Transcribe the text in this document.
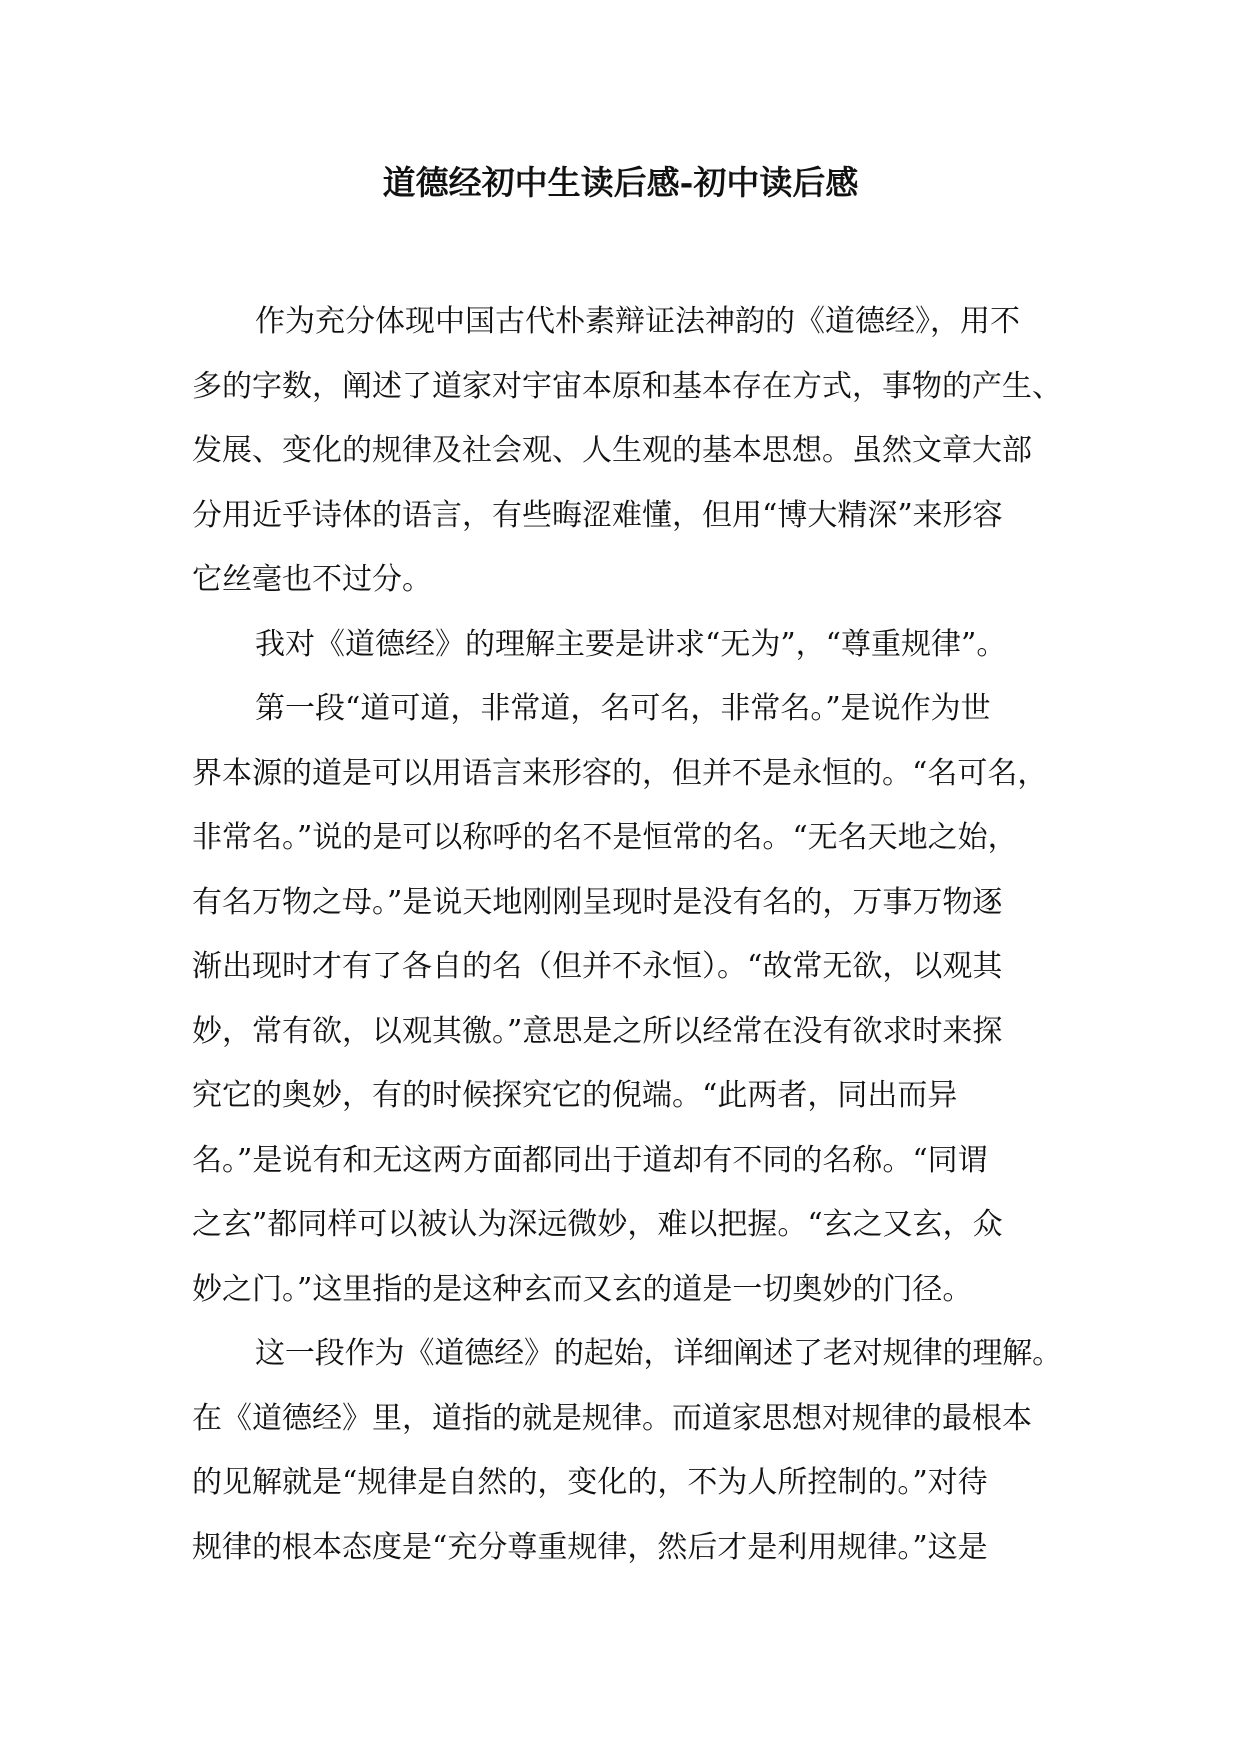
道德经初中生读后感-初中读后感
作为充分体现中国古代朴素辩证法神韵的《道德经》，用不
多的字数，阐述了道家对宇宙本原和基本存在方式，事物的产生、
发展、变化的规律及社会观、人生观的基本思想。虽然文章大部
分用近乎诗体的语言，有些晦涩难懂，但用“博大精深”来形容
它丝毫也不过分。
我对《道德经》的理解主要是讲求“无为”，“尊重规律”。
第一段“道可道，非常道，名可名，非常名。”是说作为世
界本源的道是可以用语言来形容的，但并不是永恒的。“名可名，
非常名。”说的是可以称呼的名不是恒常的名。“无名天地之始，
有名万物之母。”是说天地刚刚呈现时是没有名的，万事万物逐
渐出现时才有了各自的名（但并不永恒）。“故常无欲，以观其
妙，常有欲，以观其徼。”意思是之所以经常在没有欲求时来探
究它的奥妙，有的时候探究它的倪端。“此两者，同出而异
名。”是说有和无这两方面都同出于道却有不同的名称。“同谓
之玄”都同样可以被认为深远微妙，难以把握。“玄之又玄，众
妙之门。”这里指的是这种玄而又玄的道是一切奥妙的门径。
这一段作为《道德经》的起始，详细阐述了老对规律的理解。
在《道德经》里，道指的就是规律。而道家思想对规律的最根本
的见解就是“规律是自然的，变化的，不为人所控制的。”对待
规律的根本态度是“充分尊重规律，然后才是利用规律。”这是
